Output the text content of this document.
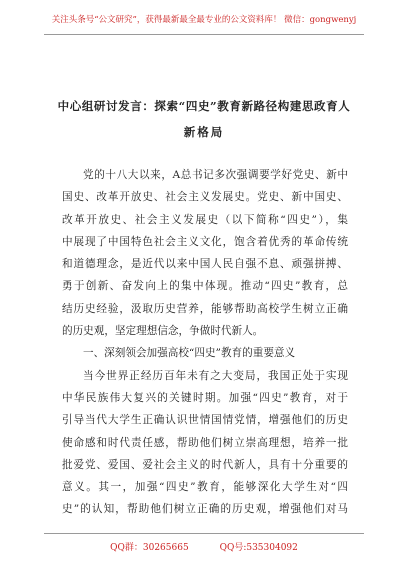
关注头条号“公文研究”，获得最新最全最专业的公文资料库！ 微信：gongwenyj
中心组研讨发言：探索“四史”教育新路径构建思政育人
新格局
党的十八大以来，A总书记多次强调要学好党史、新中
国史、改革开放史、社会主义发展史。党史、新中国史、
改革开放史、社会主义发展史（以下简称“四史”），集
中展现了中国特色社会主义文化，饱含着优秀的革命传统
和道德理念，是近代以来中国人民自强不息、顽强拼搏、
勇于创新、奋发向上的集中体现。推动“四史”教育，总
结历史经验，汲取历史营养，能够帮助高校学生树立正确
的历史观，坚定理想信念，争做时代新人。
一、深刻领会加强高校“四史”教育的重要意义
当今世界正经历百年未有之大变局，我国正处于实现
中华民族伟大复兴的关键时期。加强“四史”教育，对于
引导当代大学生正确认识世情国情党情，增强他们的历史
使命感和时代责任感，帮助他们树立崇高理想，培养一批
批爱党、爱国、爱社会主义的时代新人，具有十分重要的
意义。其一，加强“四史”教育，能够深化大学生对“四
史”的认知，帮助他们树立正确的历史观，增强他们对马
QQ群：30265665	QQ号:535304092
